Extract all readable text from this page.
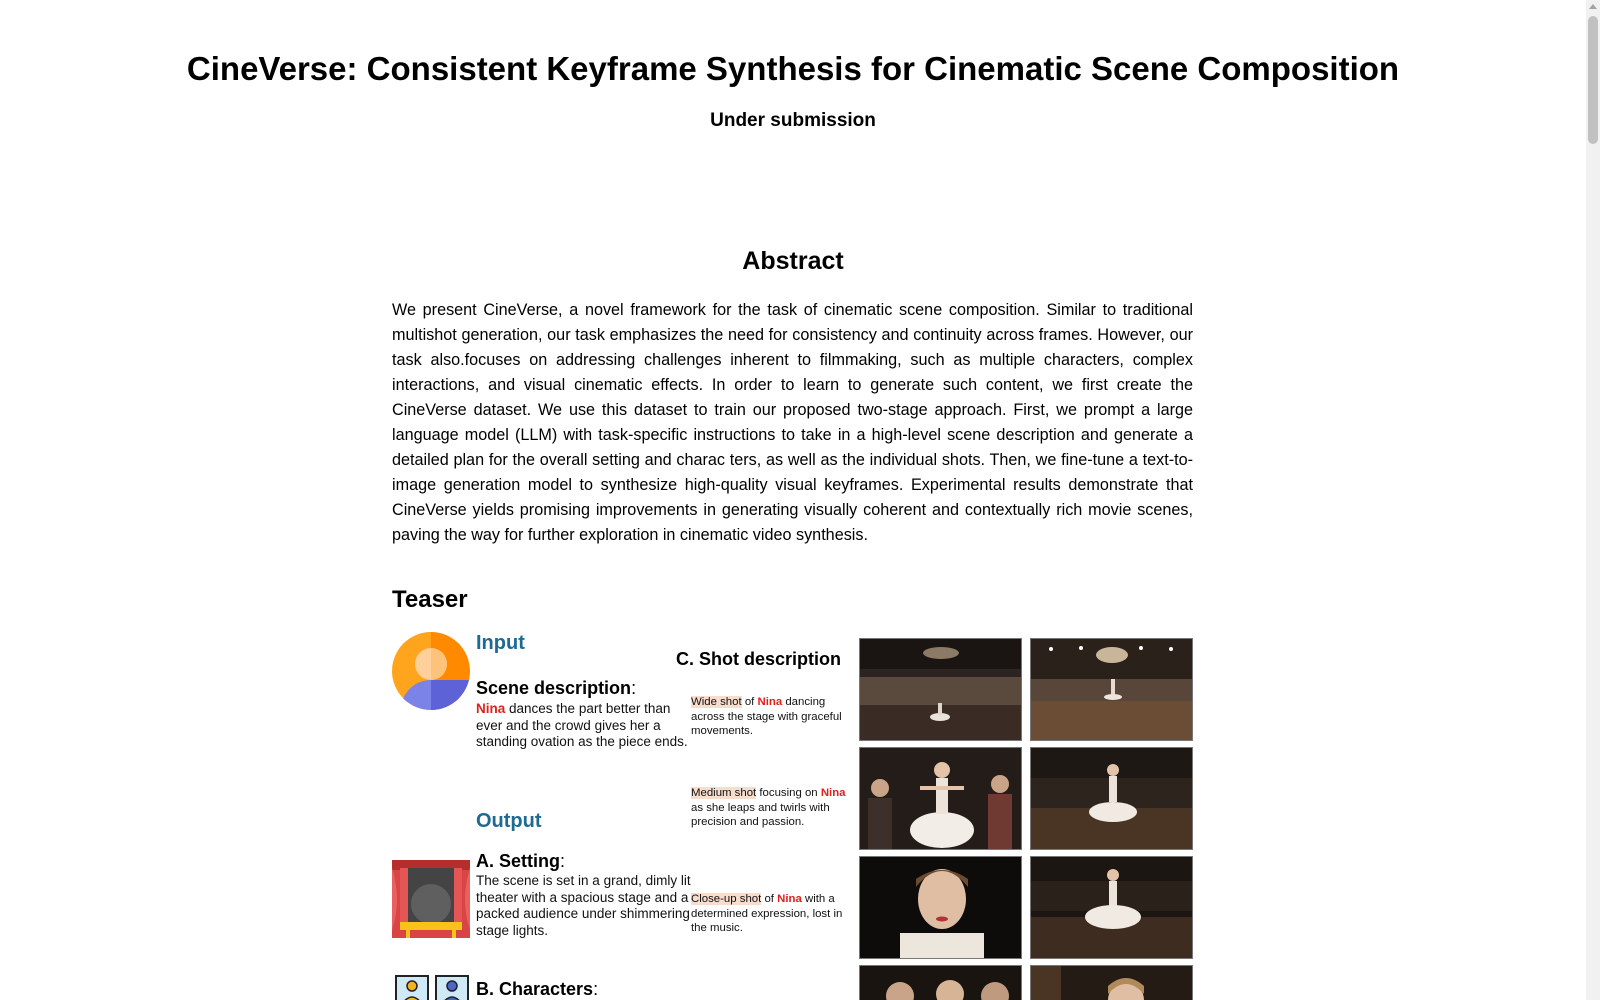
CineVerse: Consistent Keyframe Synthesis for Cinematic Scene Composition
Under submission
Abstract

We present CineVerse, a novel framework for the task of cinematic scene composition. Similar to traditional multishot generation, our task emphasizes the need for consistency and continuity across frames. However, our task also.focuses on addressing challenges inherent to filmmaking, such as multiple characters, complex interactions, and visual cinematic effects. In order to learn to generate such content, we first create the CineVerse dataset. We use this dataset to train our proposed two-stage approach. First, we prompt a large language model (LLM) with task-specific instructions to take in a high-level scene description and generate a detailed plan for the overall setting and charac ters, as well as the individual shots. Then, we fine-tune a text-to-image generation model to synthesize high-quality visual keyframes. Experimental results demonstrate that CineVerse yields promising improvements in generating visually coherent and contextually rich movie scenes, paving the way for further exploration in cinematic video synthesis.

Teaser
Input
Scene description:
Nina dances the part better than ever and the crowd gives her a standing ovation as the piece ends.
Output
A. Setting:
The scene is set in a grand, dimly lit theater with a spacious stage and a packed audience under shimmering stage lights.
B. Characters:
C. Shot description
Wide shot of Nina dancing across the stage with graceful movements.
Medium shot focusing on Nina as she leaps and twirls with precision and passion.
Close-up shot of Nina with a determined expression, lost in the music.
